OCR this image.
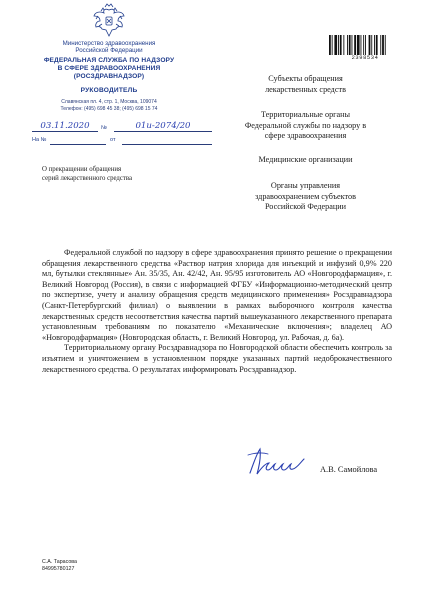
Министерство здравоохранения
Российской Федерации
ФЕДЕРАЛЬНАЯ СЛУЖБА ПО НАДЗОРУ
В СФЕРЕ ЗДРАВООХРАНЕНИЯ
(РОСЗДРАВНАДЗОР)
РУКОВОДИТЕЛЬ
Славянская пл. 4, стр. 1, Москва, 109074
Телефон: (495) 698 45 38; (495) 698 15 74
03.11.2020	№	01и-2074/20
На №	от
О прекращении обращения
серий лекарственного средства
2398534
Субъекты обращения
лекарственных средств
Территориальные органы
Федеральной службы по надзору в
сфере здравоохранения
Медицинские организации
Органы управления
здравоохранением субъектов
Российской Федерации

Федеральной службой по надзору в сфере здравоохранения принято решение о прекращении обращения лекарственного средства «Раствор натрия хлорида для инъекций и инфузий 0,9% 220 мл, бутылки стеклянные» Ан. 35/35, Ан. 42/42, Ан. 95/95 изготовитель АО «Новгородфармация», г. Великий Новгород (Россия), в связи с информацией ФГБУ «Информационно-методический центр по экспертизе, учету и анализу обращения средств медицинского применения» Росздравнадзора (Санкт-Петербургский филиал) о выявлении в рамках выборочного контроля качества лекарственных средств несоответствия качества партий вышеуказанного лекарственного препарата установленным требованиям по показателю «Механические включения»; владелец АО «Новгородфармация» (Новгородская область, г. Великий Новгород, ул. Рабочая, д. 6а).

Территориальному органу Росздравнадзора по Новгородской области обеспечить контроль за изъятием и уничтожением в установленном порядке указанных партий недоброкачественного лекарственного средства. О результатах информировать Росздравнадзор.

А.В. Самойлова
С.А. Тарасова
84995780127
